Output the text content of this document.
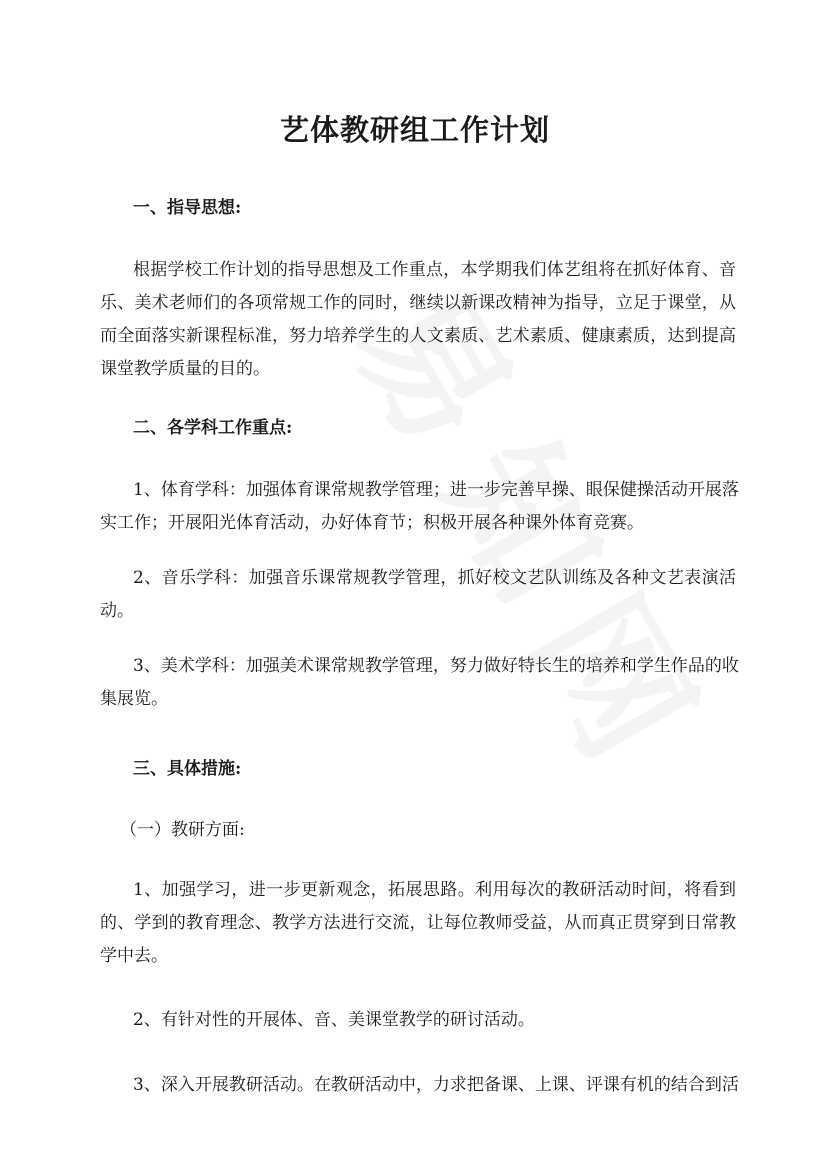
艺体教研组工作计划
一、指导思想:
根据学校工作计划的指导思想及工作重点，本学期我们体艺组将在抓好体育、音
乐、美术老师们的各项常规工作的同时，继续以新课改精神为指导，立足于课堂，从
而全面落实新课程标准，努力培养学生的人文素质、艺术素质、健康素质，达到提高
课堂教学质量的目的。
二、各学科工作重点:
1、体育学科：加强体育课常规教学管理；进一步完善早操、眼保健操活动开展落
实工作；开展阳光体育活动，办好体育节；积极开展各种课外体育竞赛。
2、音乐学科：加强音乐课常规教学管理，抓好校文艺队训练及各种文艺表演活
动。
3、美术学科：加强美术课常规教学管理，努力做好特长生的培养和学生作品的收
集展览。
三、具体措施:
（一）教研方面:
1、加强学习，进一步更新观念，拓展思路。利用每次的教研活动时间，将看到
的、学到的教育理念、教学方法进行交流，让每位教师受益，从而真正贯穿到日常教
学中去。
2、有针对性的开展体、音、美课堂教学的研讨活动。
3、深入开展教研活动。在教研活动中，力求把备课、上课、评课有机的结合到活
